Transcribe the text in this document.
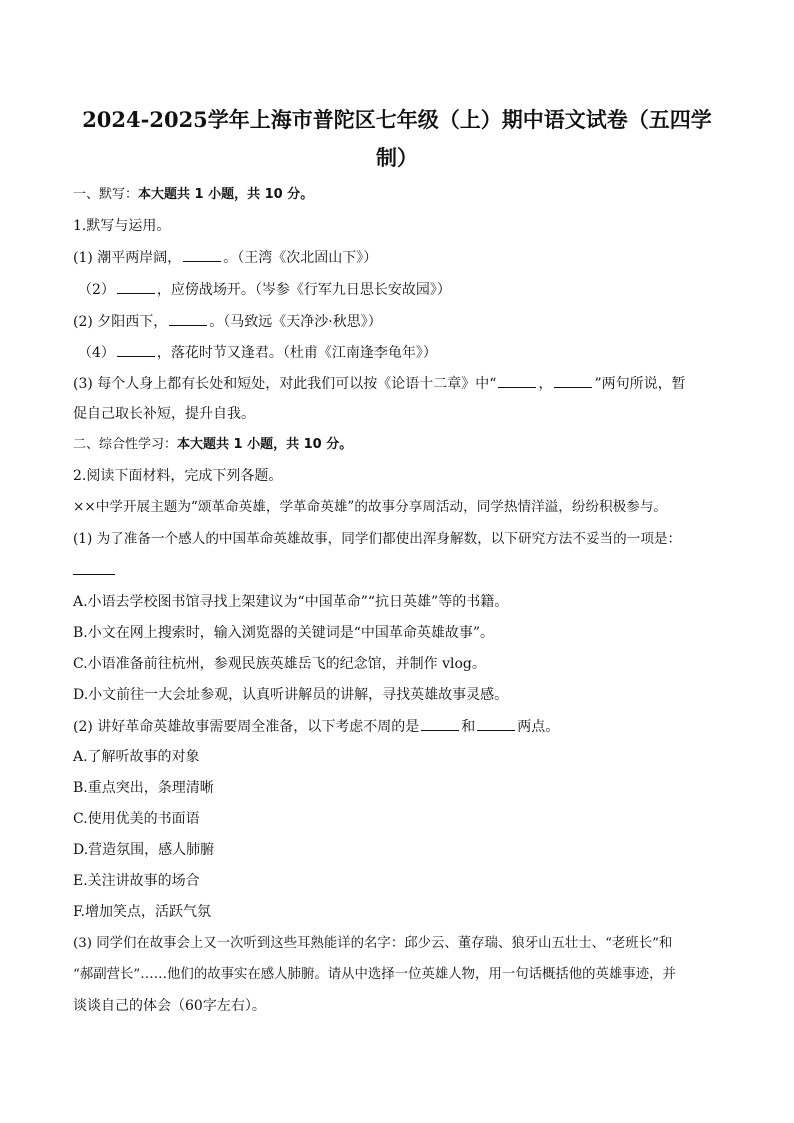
2024-2025学年上海市普陀区七年级（上）期中语文试卷（五四学
制）
一、默写：本大题共 1 小题，共 10 分。
1.默写与运用。
(1) 潮平两岸阔，	。（王湾《次北固山下》）
（2）	，应傍战场开。（岑参《行军九日思长安故园》）
(2) 夕阳西下，	。（马致远《天净沙·秋思》）
（4）	，落花时节又逢君。（杜甫《江南逢李龟年》）
(3) 每个人身上都有长处和短处，对此我们可以按《论语十二章》中“	，	”两句所说，暂
促自己取长补短，提升自我。
二、综合性学习：本大题共 1 小题，共 10 分。
2.阅读下面材料，完成下列各题。
××中学开展主题为“颂革命英雄，学革命英雄”的故事分享周活动，同学热情洋溢，纷纷积极参与。
(1) 为了准备一个感人的中国革命英雄故事，同学们都使出浑身解数，以下研究方法不妥当的一项是：
A.小语去学校图书馆寻找上架建议为“中国革命”“抗日英雄”等的书籍。
B.小文在网上搜索时，输入浏览器的关键词是“中国革命英雄故事”。
C.小语准备前往杭州，参观民族英雄岳飞的纪念馆，并制作 vlog。
D.小文前往一大会址参观，认真听讲解员的讲解，寻找英雄故事灵感。
(2) 讲好革命英雄故事需要周全准备，以下考虑不周的是	和	两点。
A.了解听故事的对象
B.重点突出，条理清晰
C.使用优美的书面语
D.营造氛围，感人肺腑
E.关注讲故事的场合
F.增加笑点，活跃气氛
(3) 同学们在故事会上又一次听到这些耳熟能详的名字：邱少云、董存瑞、狼牙山五壮士、“老班长”和
“郝副营长”……他们的故事实在感人肺腑。请从中选择一位英雄人物，用一句话概括他的英雄事迹，并
谈谈自己的体会（60字左右）。
